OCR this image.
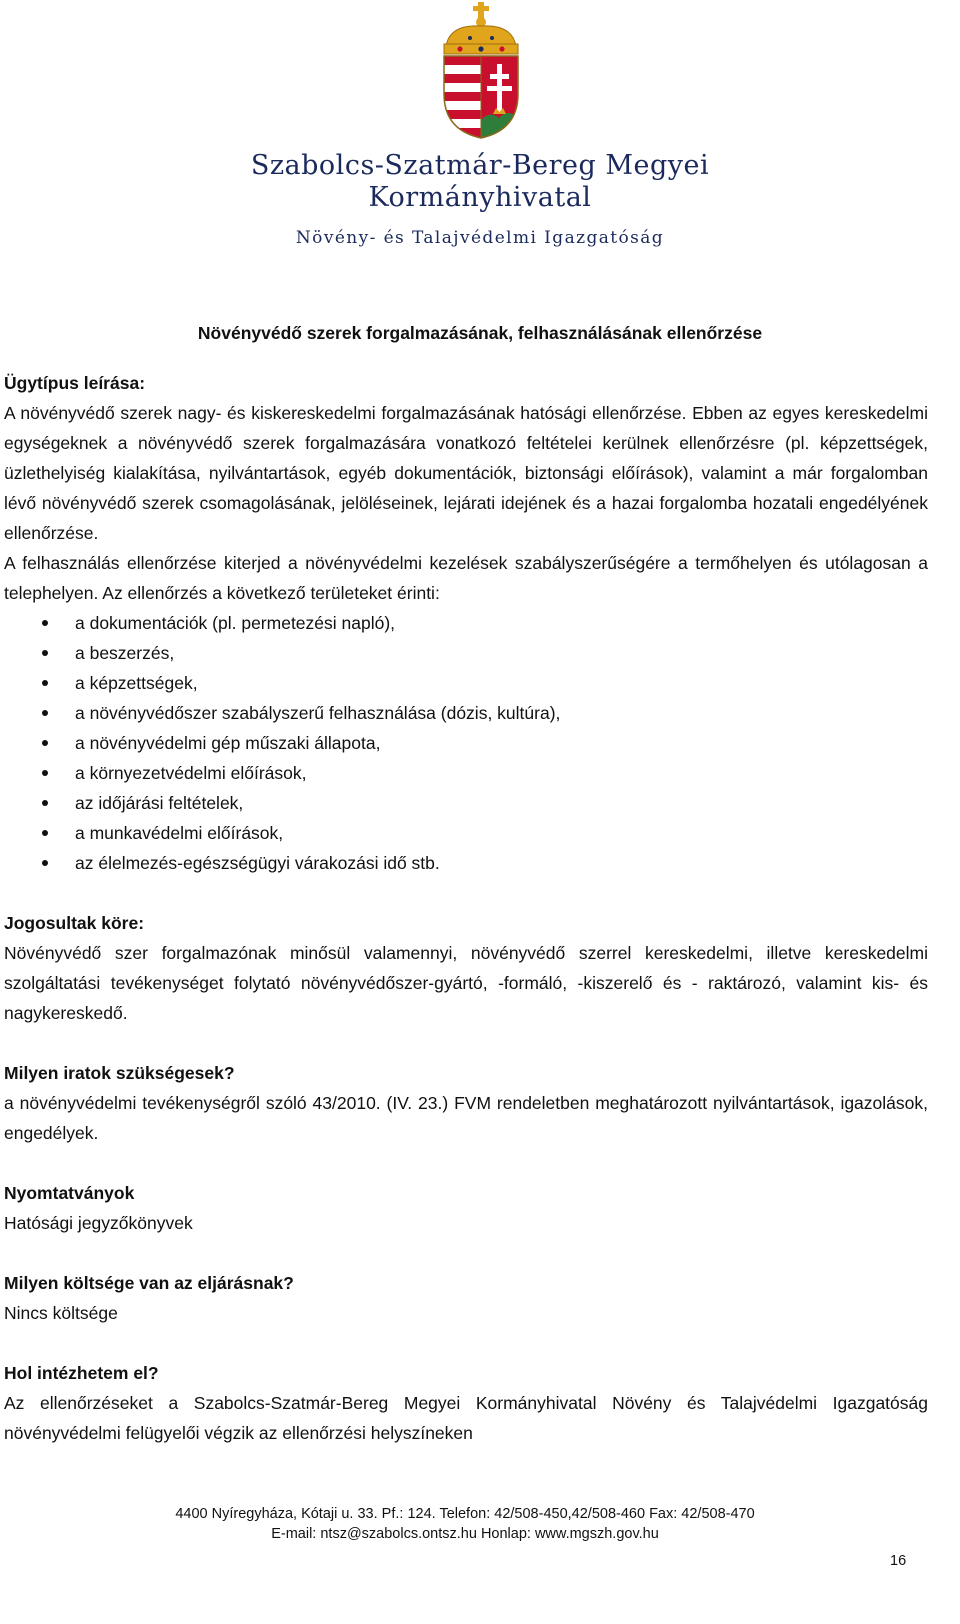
Szabolcs-Szatmár-Bereg Megyei
Kormányhivatal
Növény- és Talajvédelmi Igazgatóság
Növényvédő szerek forgalmazásának, felhasználásának ellenőrzése
Ügytípus leírása:

A növényvédő szerek nagy- és kiskereskedelmi forgalmazásának hatósági ellenőrzése. Ebben az egyes kereskedelmi egységeknek a növényvédő szerek forgalmazására vonatkozó feltételei kerülnek ellenőrzésre (pl. képzettségek, üzlethelyiség kialakítása, nyilvántartások, egyéb dokumentációk, biztonsági előírások), valamint a már forgalomban lévő növényvédő szerek csomagolásának, jelöléseinek, lejárati idejének és a hazai forgalomba hozatali engedélyének ellenőrzése.

A felhasználás ellenőrzése kiterjed a növényvédelmi kezelések szabályszerűségére a termőhelyen és utólagosan a telephelyen. Az ellenőrzés a következő területeket érinti:

a dokumentációk (pl. permetezési napló),
a beszerzés,
a képzettségek,
a növényvédőszer szabályszerű felhasználása (dózis, kultúra),
a növényvédelmi gép műszaki állapota,
a környezetvédelmi előírások,
az időjárási feltételek,
a munkavédelmi előírások,
az élelmezés-egészségügyi várakozási idő stb.
Jogosultak köre:

Növényvédő szer forgalmazónak minősül valamennyi, növényvédő szerrel kereskedelmi, illetve kereskedelmi szolgáltatási tevékenységet folytató növényvédőszer-gyártó, -formáló, -kiszerelő és - raktározó, valamint kis- és nagykereskedő.

Milyen iratok szükségesek?

a növényvédelmi tevékenységről szóló 43/2010. (IV. 23.) FVM rendeletben meghatározott nyilvántartások, igazolások, engedélyek.

Nyomtatványok

Hatósági jegyzőkönyvek

Milyen költsége van az eljárásnak?

Nincs költsége

Hol intézhetem el?

Az ellenőrzéseket a Szabolcs-Szatmár-Bereg Megyei Kormányhivatal Növény és Talajvédelmi Igazgatóság növényvédelmi felügyelői végzik az ellenőrzési helyszíneken

4400 Nyíregyháza, Kótaji u. 33. Pf.: 124. Telefon: 42/508-450,42/508-460 Fax: 42/508-470
E-mail: ntsz@szabolcs.ontsz.hu Honlap: www.mgszh.gov.hu
16
